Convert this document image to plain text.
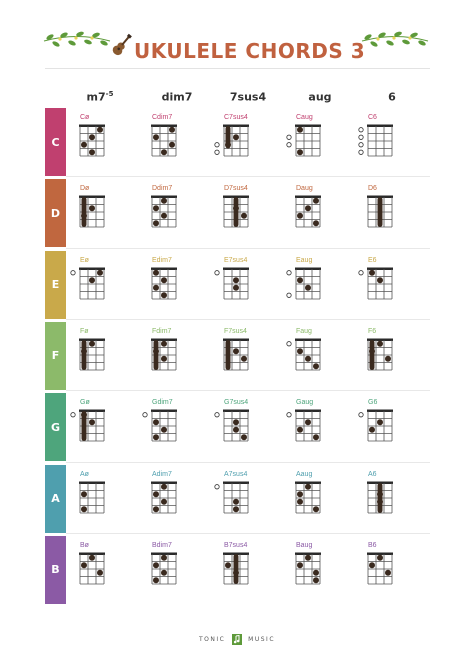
UKULELE CHORDS 3
$m7^{-5}$	dim7	7sus4	aug	6
C
Cø	Cdim7	C7sus4	Caug	C6
D
Dø	Ddim7	D7sus4	Daug	D6
E
Eø	Edim7	E7sus4	Eaug	E6
F
Fø	Fdim7	F7sus4	Faug	F6
G
Gø	Gdim7	G7sus4	Gaug	G6
A
Aø	Adim7	A7sus4	Aaug	A6
B
Bø	Bdim7	B7sus4	Baug	B6
TONIC	MUSIC
